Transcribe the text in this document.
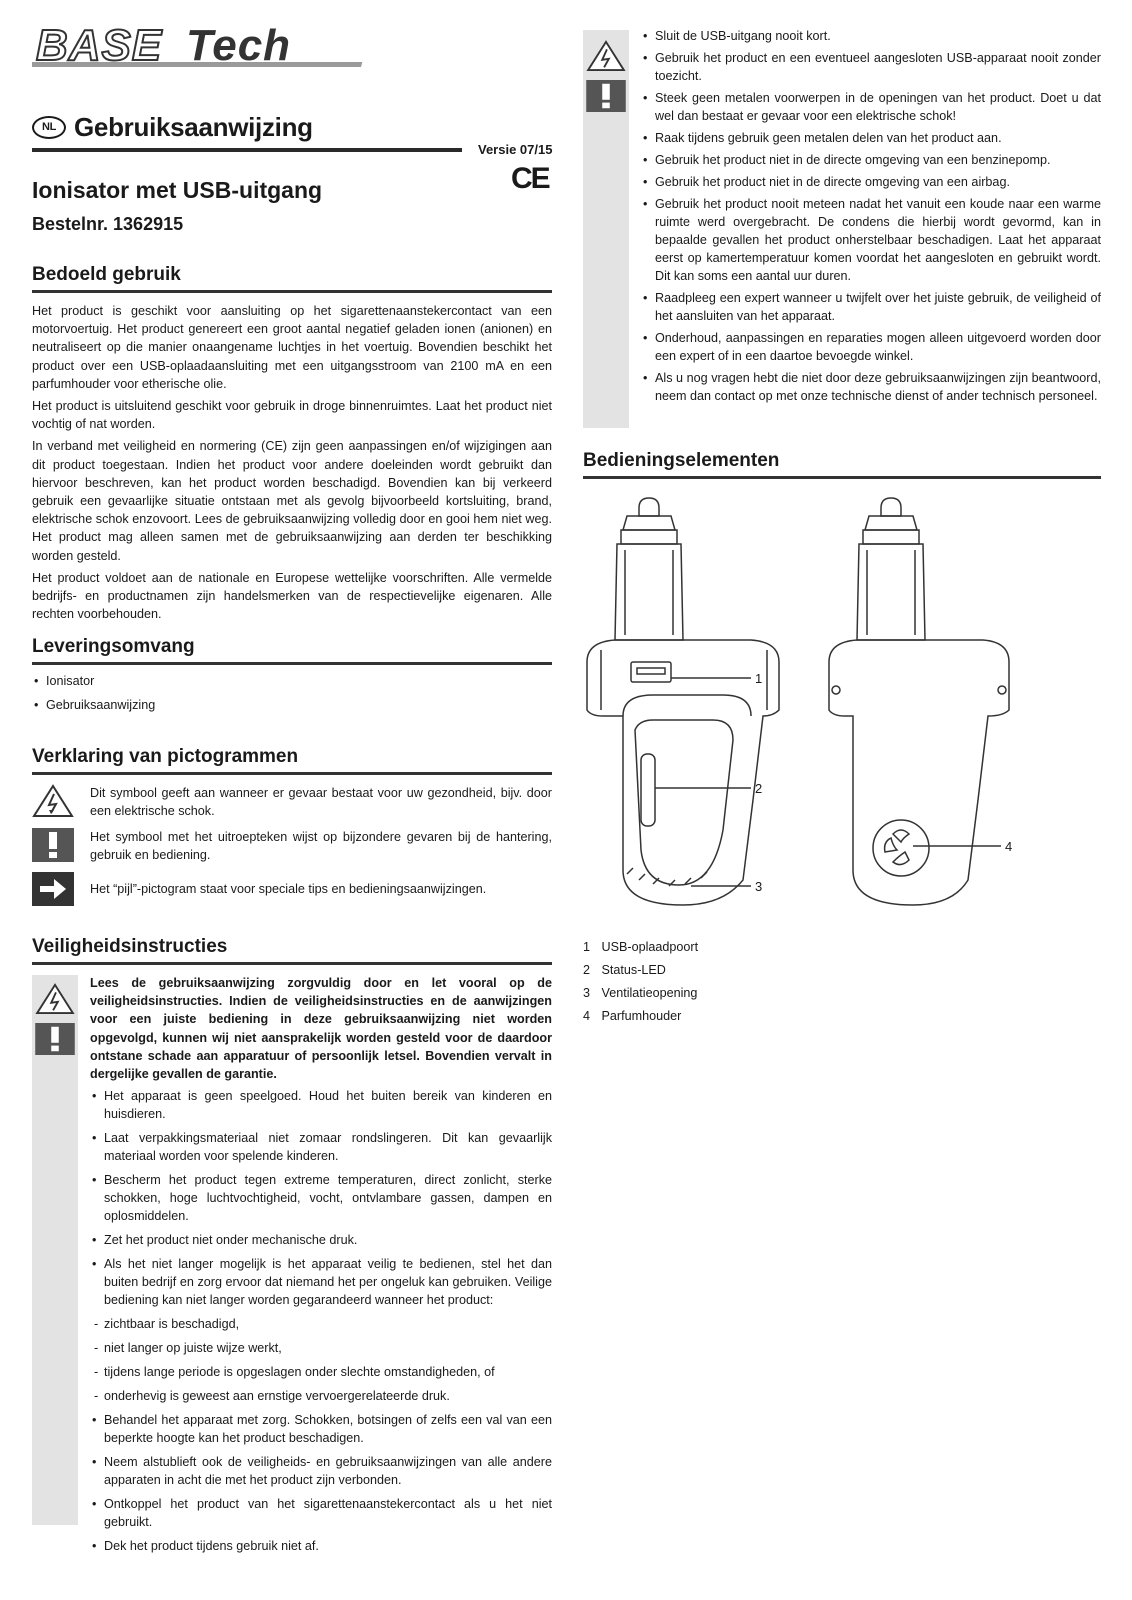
BASE Tech
NL Gebruiksaanwijzing
Versie 07/15
CE
Ionisator met USB-uitgang
Bestelnr. 1362915
Bedoeld gebruik

Het product is geschikt voor aansluiting op het sigarettenaanstekercontact van een motorvoertuig. Het product genereert een groot aantal negatief geladen ionen (anionen) en neutraliseert op die manier onaangename luchtjes in het voertuig. Bovendien beschikt het product over een USB-oplaadaansluiting met een uitgangsstroom van 2100 mA en een parfumhouder voor etherische olie.

Het product is uitsluitend geschikt voor gebruik in droge binnenruimtes. Laat het product niet vochtig of nat worden.

In verband met veiligheid en normering (CE) zijn geen aanpassingen en/of wijzigingen aan dit product toegestaan. Indien het product voor andere doeleinden wordt gebruikt dan hiervoor beschreven, kan het product worden beschadigd. Bovendien kan bij verkeerd gebruik een gevaarlijke situatie ontstaan met als gevolg bijvoorbeeld kortsluiting, brand, elektrische schok enzovoort. Lees de gebruiksaanwijzing volledig door en gooi hem niet weg. Het product mag alleen samen met de gebruiksaanwijzing aan derden ter beschikking worden gesteld.

Het product voldoet aan de nationale en Europese wettelijke voorschriften. Alle vermelde bedrijfs- en productnamen zijn handelsmerken van de respectievelijke eigenaren. Alle rechten voorbehouden.

Leveringsomvang
• Ionisator
• Gebruiksaanwijzing
Verklaring van pictogrammen
Dit symbool geeft aan wanneer er gevaar bestaat voor uw gezondheid, bijv. door een elektrische schok.
Het symbool met het uitroepteken wijst op bijzondere gevaren bij de hantering, gebruik en bediening.
Het “pijl”-pictogram staat voor speciale tips en bedieningsaanwijzingen.
Veiligheidsinstructies

Lees de gebruiksaanwijzing zorgvuldig door en let vooral op de veiligheidsinstructies. Indien de veiligheidsinstructies en de aanwijzingen voor een juiste bediening in deze gebruiksaanwijzing niet worden opgevolgd, kunnen wij niet aansprakelijk worden gesteld voor de daardoor ontstane schade aan apparatuur of persoonlijk letsel. Bovendien vervalt in dergelijke gevallen de garantie.

• Het apparaat is geen speelgoed. Houd het buiten bereik van kinderen en huisdieren.
• Laat verpakkingsmateriaal niet zomaar rondslingeren. Dit kan gevaarlijk materiaal worden voor spelende kinderen.
• Bescherm het product tegen extreme temperaturen, direct zonlicht, sterke schokken, hoge luchtvochtigheid, vocht, ontvlambare gassen, dampen en oplosmiddelen.
• Zet het product niet onder mechanische druk.
• Als het niet langer mogelijk is het apparaat veilig te bedienen, stel het dan buiten bedrijf en zorg ervoor dat niemand het per ongeluk kan gebruiken. Veilige bediening kan niet langer worden gegarandeerd wanneer het product:
- zichtbaar is beschadigd,
- niet langer op juiste wijze werkt,
- tijdens lange periode is opgeslagen onder slechte omstandigheden, of
- onderhevig is geweest aan ernstige vervoergerelateerde druk.
• Behandel het apparaat met zorg. Schokken, botsingen of zelfs een val van een beperkte hoogte kan het product beschadigen.
• Neem alstublieft ook de veiligheids- en gebruiksaanwijzingen van alle andere apparaten in acht die met het product zijn verbonden.
• Ontkoppel het product van het sigarettenaanstekercontact als u het niet gebruikt.
• Dek het product tijdens gebruik niet af.
• Sluit de USB-uitgang nooit kort.
• Gebruik het product en een eventueel aangesloten USB-apparaat nooit zonder toezicht.
• Steek geen metalen voorwerpen in de openingen van het product. Doet u dat wel dan bestaat er gevaar voor een elektrische schok!
• Raak tijdens gebruik geen metalen delen van het product aan.
• Gebruik het product niet in de directe omgeving van een benzinepomp.
• Gebruik het product niet in de directe omgeving van een airbag.
• Gebruik het product nooit meteen nadat het vanuit een koude naar een warme ruimte werd overgebracht. De condens die hierbij wordt gevormd, kan in bepaalde gevallen het product onherstelbaar beschadigen. Laat het apparaat eerst op kamertemperatuur komen voordat het aangesloten en gebruikt wordt. Dit kan soms een aantal uur duren.
• Raadpleeg een expert wanneer u twijfelt over het juiste gebruik, de veiligheid of het aansluiten van het apparaat.
• Onderhoud, aanpassingen en reparaties mogen alleen uitgevoerd worden door een expert of in een daartoe bevoegde winkel.
• Als u nog vragen hebt die niet door deze gebruiksaanwijzingen zijn beantwoord, neem dan contact op met onze technische dienst of ander technisch personeel.
Bedieningselementen
1
2
3
4
1 USB-oplaadpoort
2 Status-LED
3 Ventilatieopening
4 Parfumhouder
